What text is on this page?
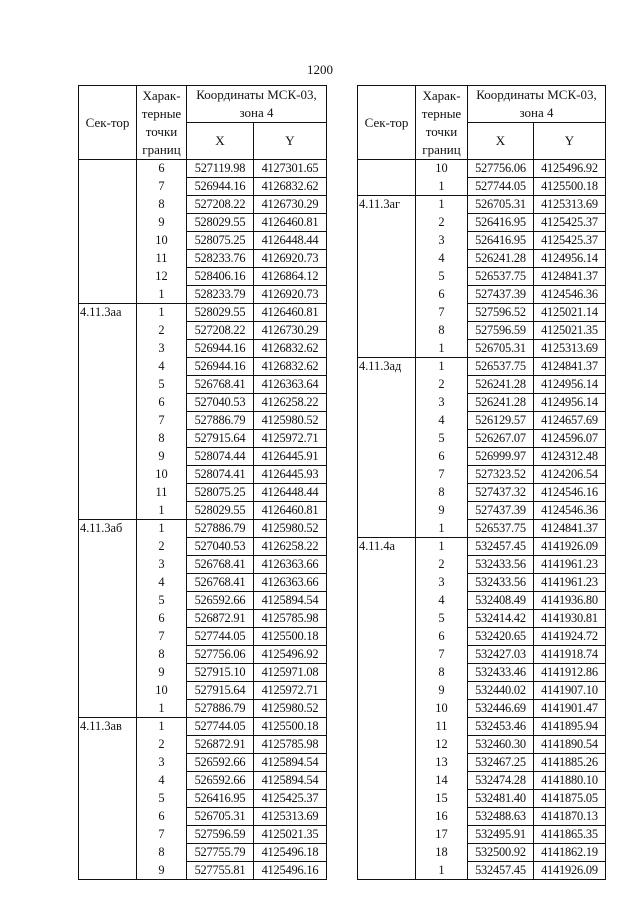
1200
Сек-тор	Харак-терные точки границ	Координаты МСК-03, зона 4	
		X	Y
	6	527119.98	4127301.65
	7	526944.16	4126832.62
	8	527208.22	4126730.29
	9	528029.55	4126460.81
	10	528075.25	4126448.44
	11	528233.76	4126920.73
	12	528406.16	4126864.12
	1	528233.79	4126920.73
4.11.3аа	1	528029.55	4126460.81
	2	527208.22	4126730.29
	3	526944.16	4126832.62
	4	526944.16	4126832.62
	5	526768.41	4126363.64
	6	527040.53	4126258.22
	7	527886.79	4125980.52
	8	527915.64	4125972.71
	9	528074.44	4126445.91
	10	528074.41	4126445.93
	11	528075.25	4126448.44
	1	528029.55	4126460.81
4.11.3аб	1	527886.79	4125980.52
	2	527040.53	4126258.22
	3	526768.41	4126363.66
	4	526768.41	4126363.66
	5	526592.66	4125894.54
	6	526872.91	4125785.98
	7	527744.05	4125500.18
	8	527756.06	4125496.92
	9	527915.10	4125971.08
	10	527915.64	4125972.71
	1	527886.79	4125980.52
4.11.3ав	1	527744.05	4125500.18
	2	526872.91	4125785.98
	3	526592.66	4125894.54
	4	526592.66	4125894.54
	5	526416.95	4125425.37
	6	526705.31	4125313.69
	7	527596.59	4125021.35
	8	527755.79	4125496.18
	9	527755.81	4125496.16
Сек-тор	Харак-терные точки границ	Координаты МСК-03, зона 4	
		X	Y
	10	527756.06	4125496.92
	1	527744.05	4125500.18
4.11.3аг	1	526705.31	4125313.69
	2	526416.95	4125425.37
	3	526416.95	4125425.37
	4	526241.28	4124956.14
	5	526537.75	4124841.37
	6	527437.39	4124546.36
	7	527596.52	4125021.14
	8	527596.59	4125021.35
	1	526705.31	4125313.69
4.11.3ад	1	526537.75	4124841.37
	2	526241.28	4124956.14
	3	526241.28	4124956.14
	4	526129.57	4124657.69
	5	526267.07	4124596.07
	6	526999.97	4124312.48
	7	527323.52	4124206.54
	8	527437.32	4124546.16
	9	527437.39	4124546.36
	1	526537.75	4124841.37
4.11.4а	1	532457.45	4141926.09
	2	532433.56	4141961.23
	3	532433.56	4141961.23
	4	532408.49	4141936.80
	5	532414.42	4141930.81
	6	532420.65	4141924.72
	7	532427.03	4141918.74
	8	532433.46	4141912.86
	9	532440.02	4141907.10
	10	532446.69	4141901.47
	11	532453.46	4141895.94
	12	532460.30	4141890.54
	13	532467.25	4141885.26
	14	532474.28	4141880.10
	15	532481.40	4141875.05
	16	532488.63	4141870.13
	17	532495.91	4141865.35
	18	532500.92	4141862.19
	1	532457.45	4141926.09
